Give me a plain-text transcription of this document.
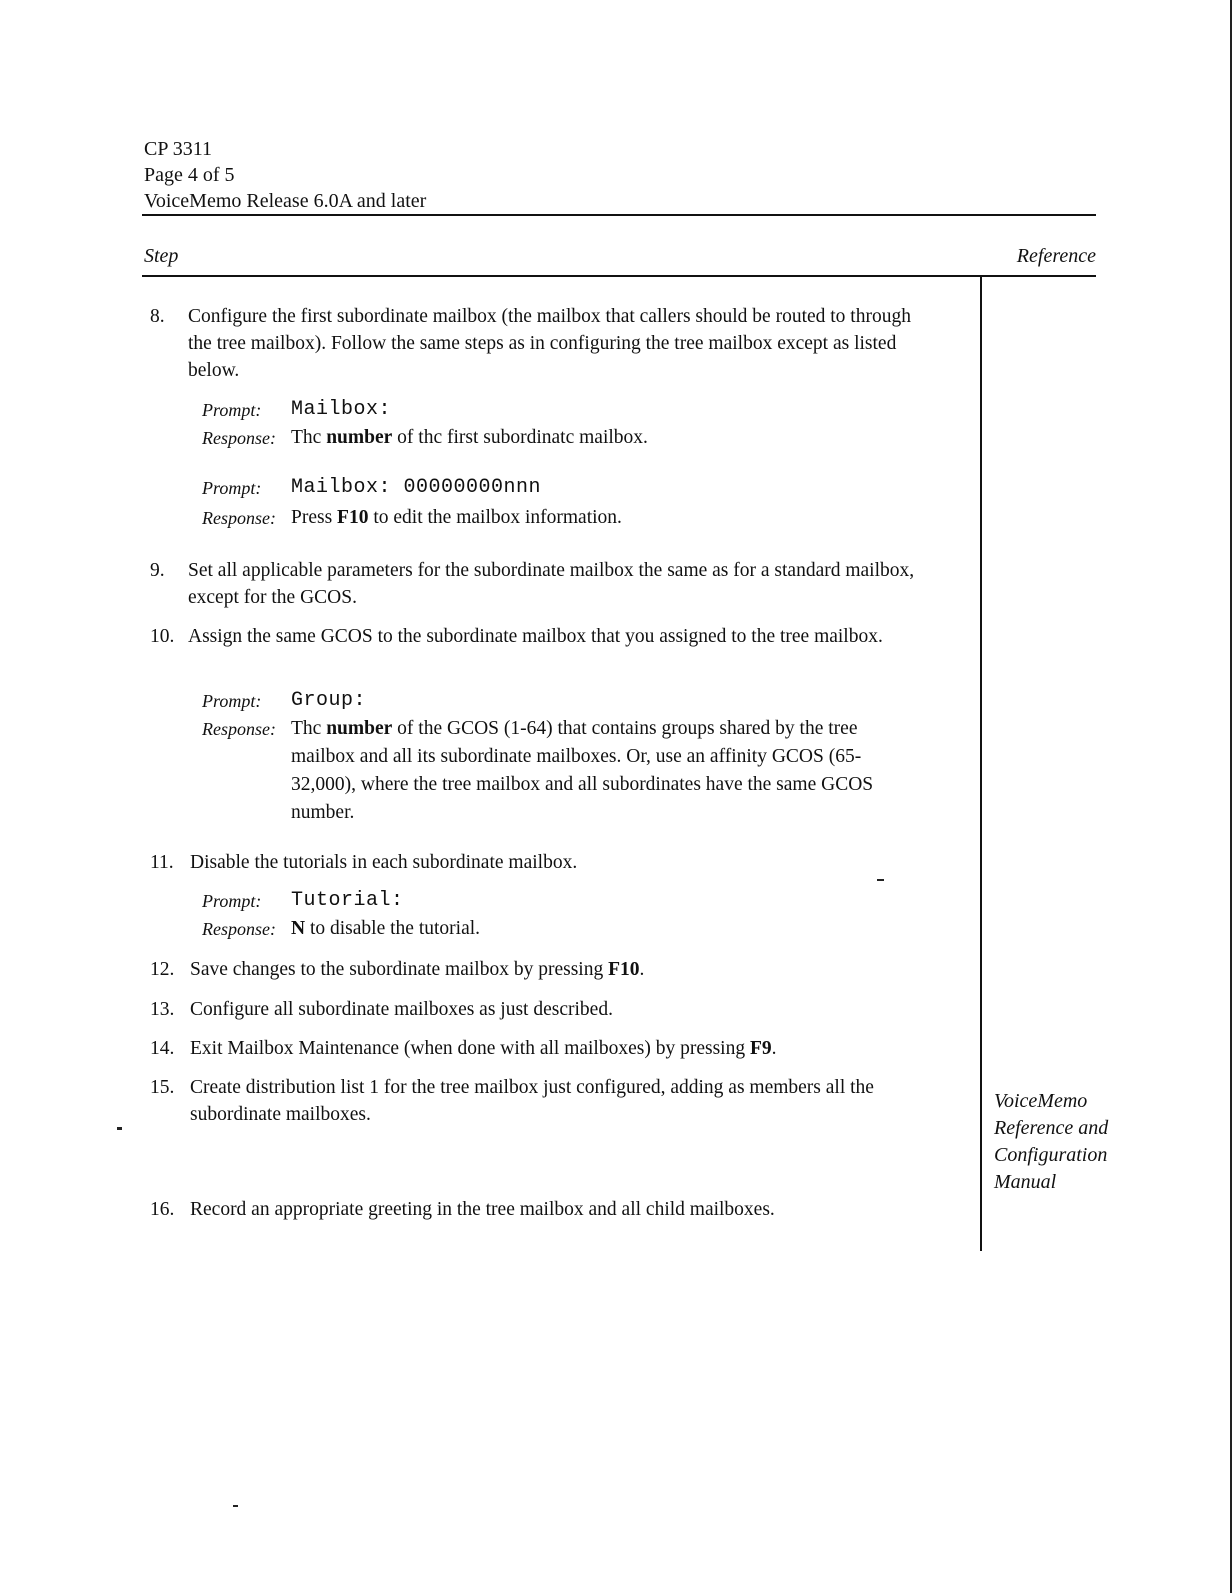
CP 3311
Page 4 of 5
VoiceMemo Release 6.0A and later
Step	Reference
8.	Configure the first subordinate mailbox (the mailbox that callers should be routed to through the tree mailbox). Follow the same steps as in configuring the tree mailbox except as listed below.
Prompt: Mailbox:
Response: Thc number of thc first subordinatc mailbox.
Prompt: Mailbox: 00000000nnn
Response: Press F10 to edit the mailbox information.
9.	Set all applicable parameters for the subordinate mailbox the same as for a standard mailbox, except for the GCOS.
10. Assign the same GCOS to the subordinate mailbox that you assigned to the tree mailbox.
Prompt: Group:
Response: Thc number of the GCOS (1-64) that contains groups shared by the tree mailbox and all its subordinate mailboxes. Or, use an affinity GCOS (65-32,000), where the tree mailbox and all subordinates have the same GCOS number.
11. Disable the tutorials in each subordinate mailbox.
Prompt: Tutorial:
Response: N to disable the tutorial.
12. Save changes to the subordinate mailbox by pressing F10.
13. Configure all subordinate mailboxes as just described.
14. Exit Mailbox Maintenance (when done with all mailboxes) by pressing F9.
15. Create distribution list 1 for the tree mailbox just configured, adding as members all the subordinate mailboxes.
VoiceMemo
Reference and
Configuration
Manual
16. Record an appropriate greeting in the tree mailbox and all child mailboxes.
